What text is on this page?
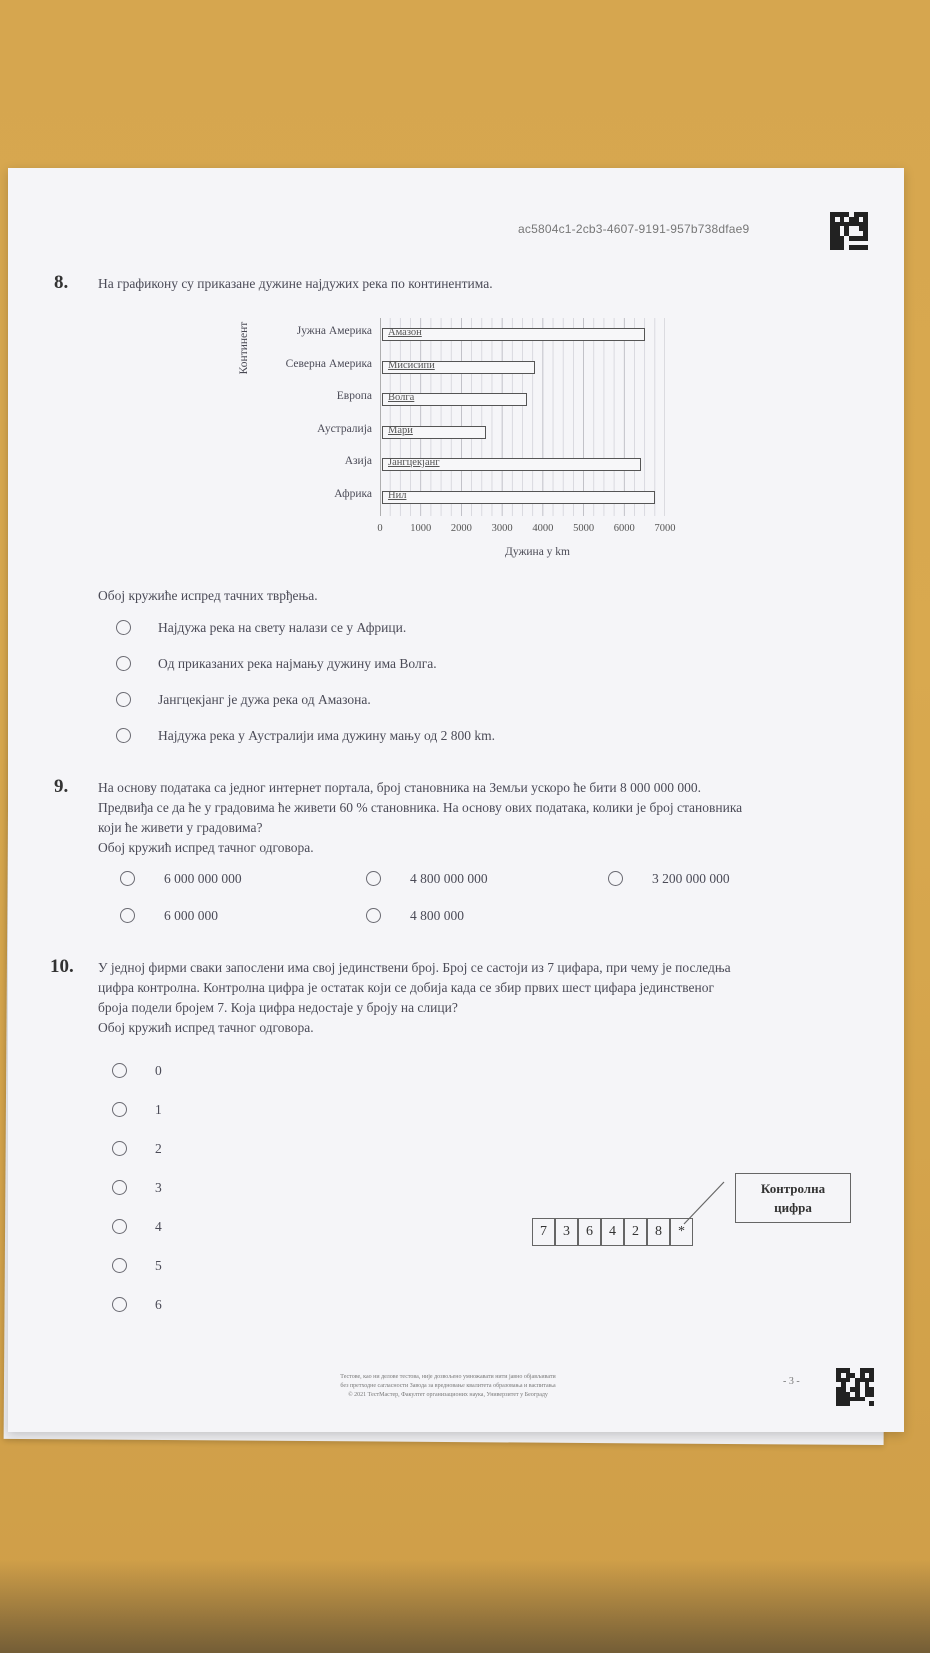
ac5804c1-2cb3-4607-9191-957b738dfae9
8. На графикону су приказане дужине најдужих река по континентима.
Континент	Јужна Америка Амазон
Северна Америка Мисисипи
Европа Волга
Аустралија Мари
Азија Јангцекјанг
Африка Нил
0	1000	2000	3000	4000	5000	6000	7000
Дужина у km
Обој кружиће испред тачних тврђења.
Најдужа река на свету налази се у Африци.
Од приказаних река најмању дужину има Волга.
Јангцекјанг је дужа река од Амазона.
Најдужа река у Аустралији има дужину мању од 2 800 km.
9. На основу података са једног интернет портала, број становника на Земљи ускоро ће бити 8 000 000 000.
Предвиђа се да ће у градовима ће живети 60 % становника. На основу ових података, колики је број становника
који ће живети у градовима?
Обој кружић испред тачног одговора.
6 000 000 000	4 800 000 000	3 200 000 000
6 000 000	4 800 000
10. У једној фирми сваки запослени има свој јединствени број. Број се састоји из 7 цифара, при чему је последња
цифра контролна. Контролна цифра је остатак који се добија када се збир првих шест цифара јединственог
броја подели бројем 7. Која цифра недостаје у броју на слици?
Обој кружић испред тачног одговора.
0
1
2
3
4
5
6
7	3	6	4	2	8	*
Контролна
цифра
Тестове, као ни делове тестова, није дозвољено умножавати нити јавно објављивати
без претходне сагласности Завода за вредновање квалитета образовања и васпитања
© 2021 ТестМастер, Факултет организационих наука, Универзитет у Београду
- 3 -
